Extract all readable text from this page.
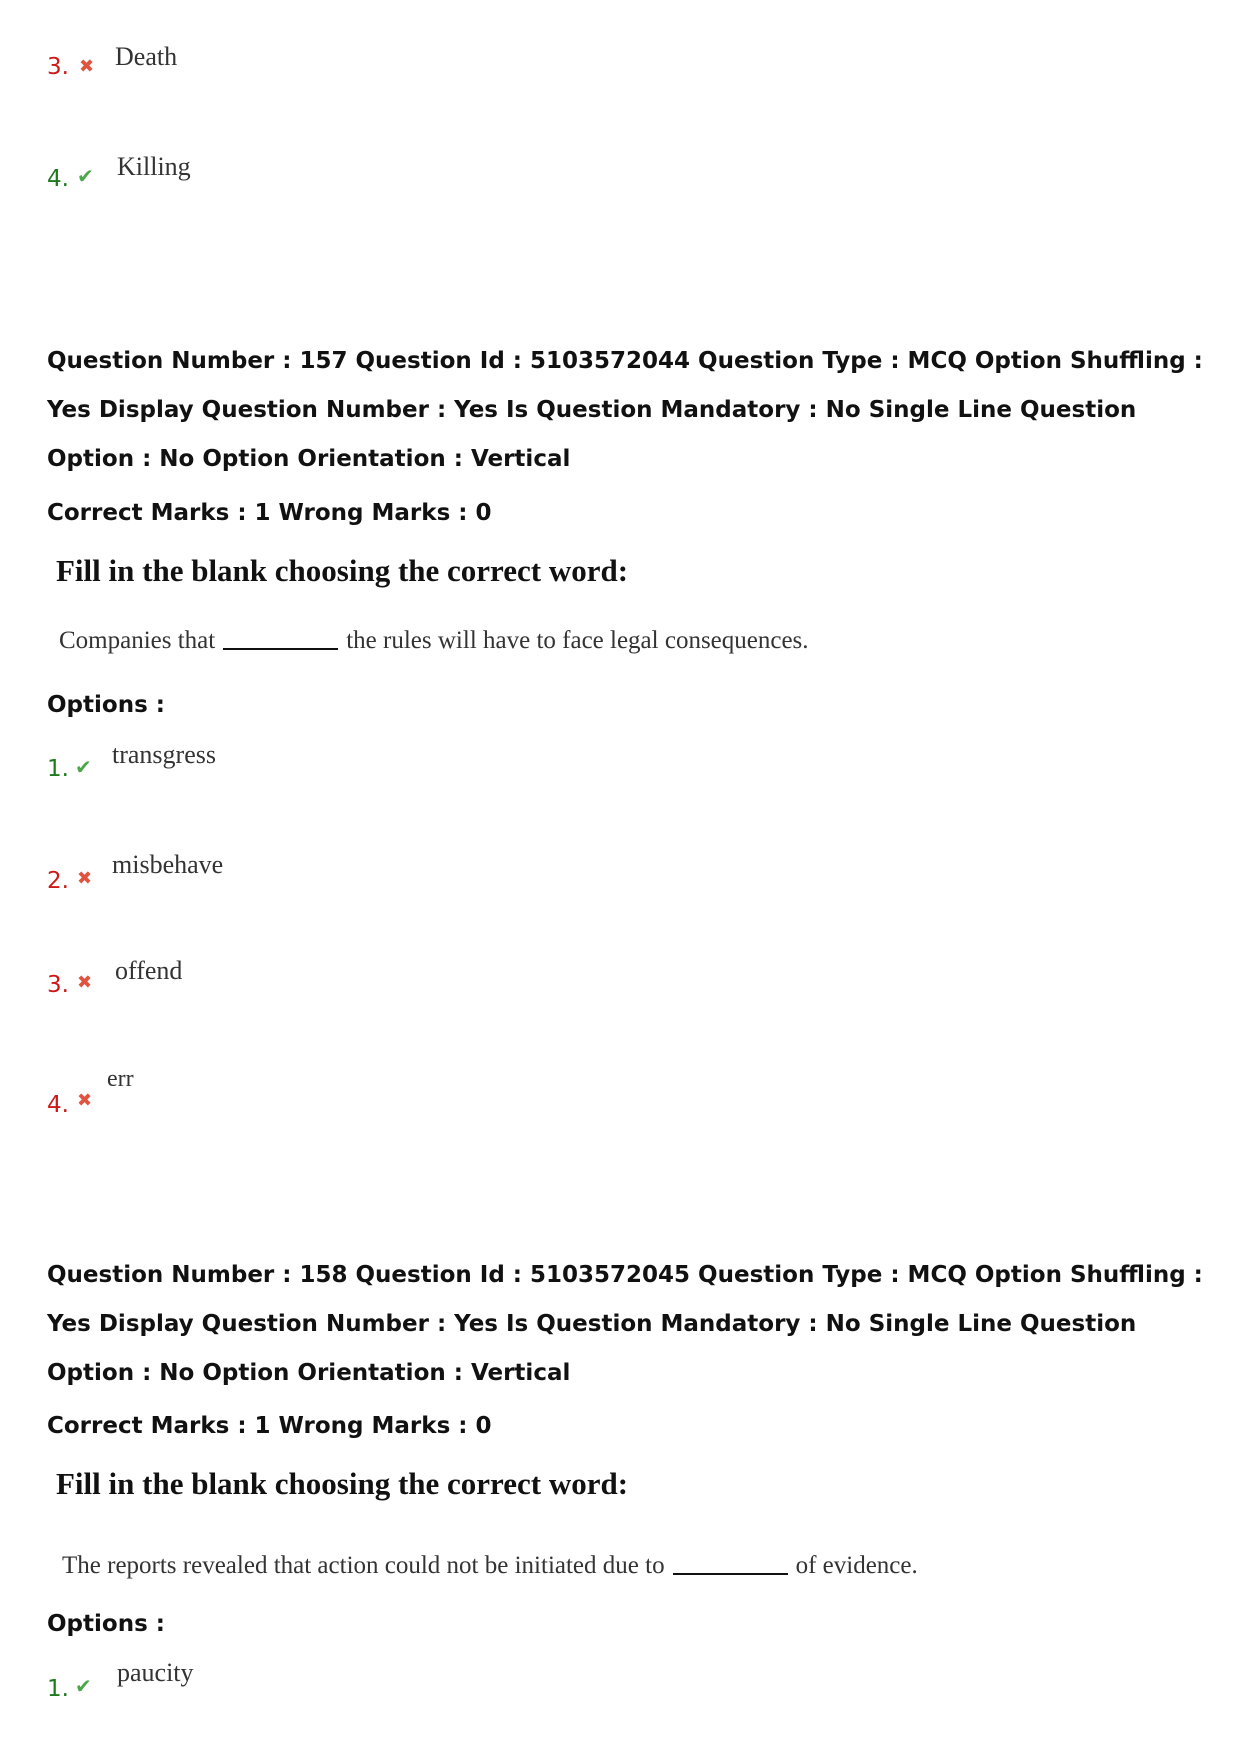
3. ✖ Death
4. ✔ Killing
Question Number : 157 Question Id : 5103572044 Question Type : MCQ Option Shuffling : Yes Display Question Number : Yes Is Question Mandatory : No Single Line Question Option : No Option Orientation : Vertical
Correct Marks : 1 Wrong Marks : 0
Fill in the blank choosing the correct word:
Companies that	the rules will have to face legal consequences.
Options :
1. ✔ transgress
2. ✖ misbehave
3. ✖ offend
4. ✖
err
Question Number : 158 Question Id : 5103572045 Question Type : MCQ Option Shuffling : Yes Display Question Number : Yes Is Question Mandatory : No Single Line Question Option : No Option Orientation : Vertical
Correct Marks : 1 Wrong Marks : 0
Fill in the blank choosing the correct word:
The reports revealed that action could not be initiated due to	of evidence.
Options :
1. ✔ paucity
